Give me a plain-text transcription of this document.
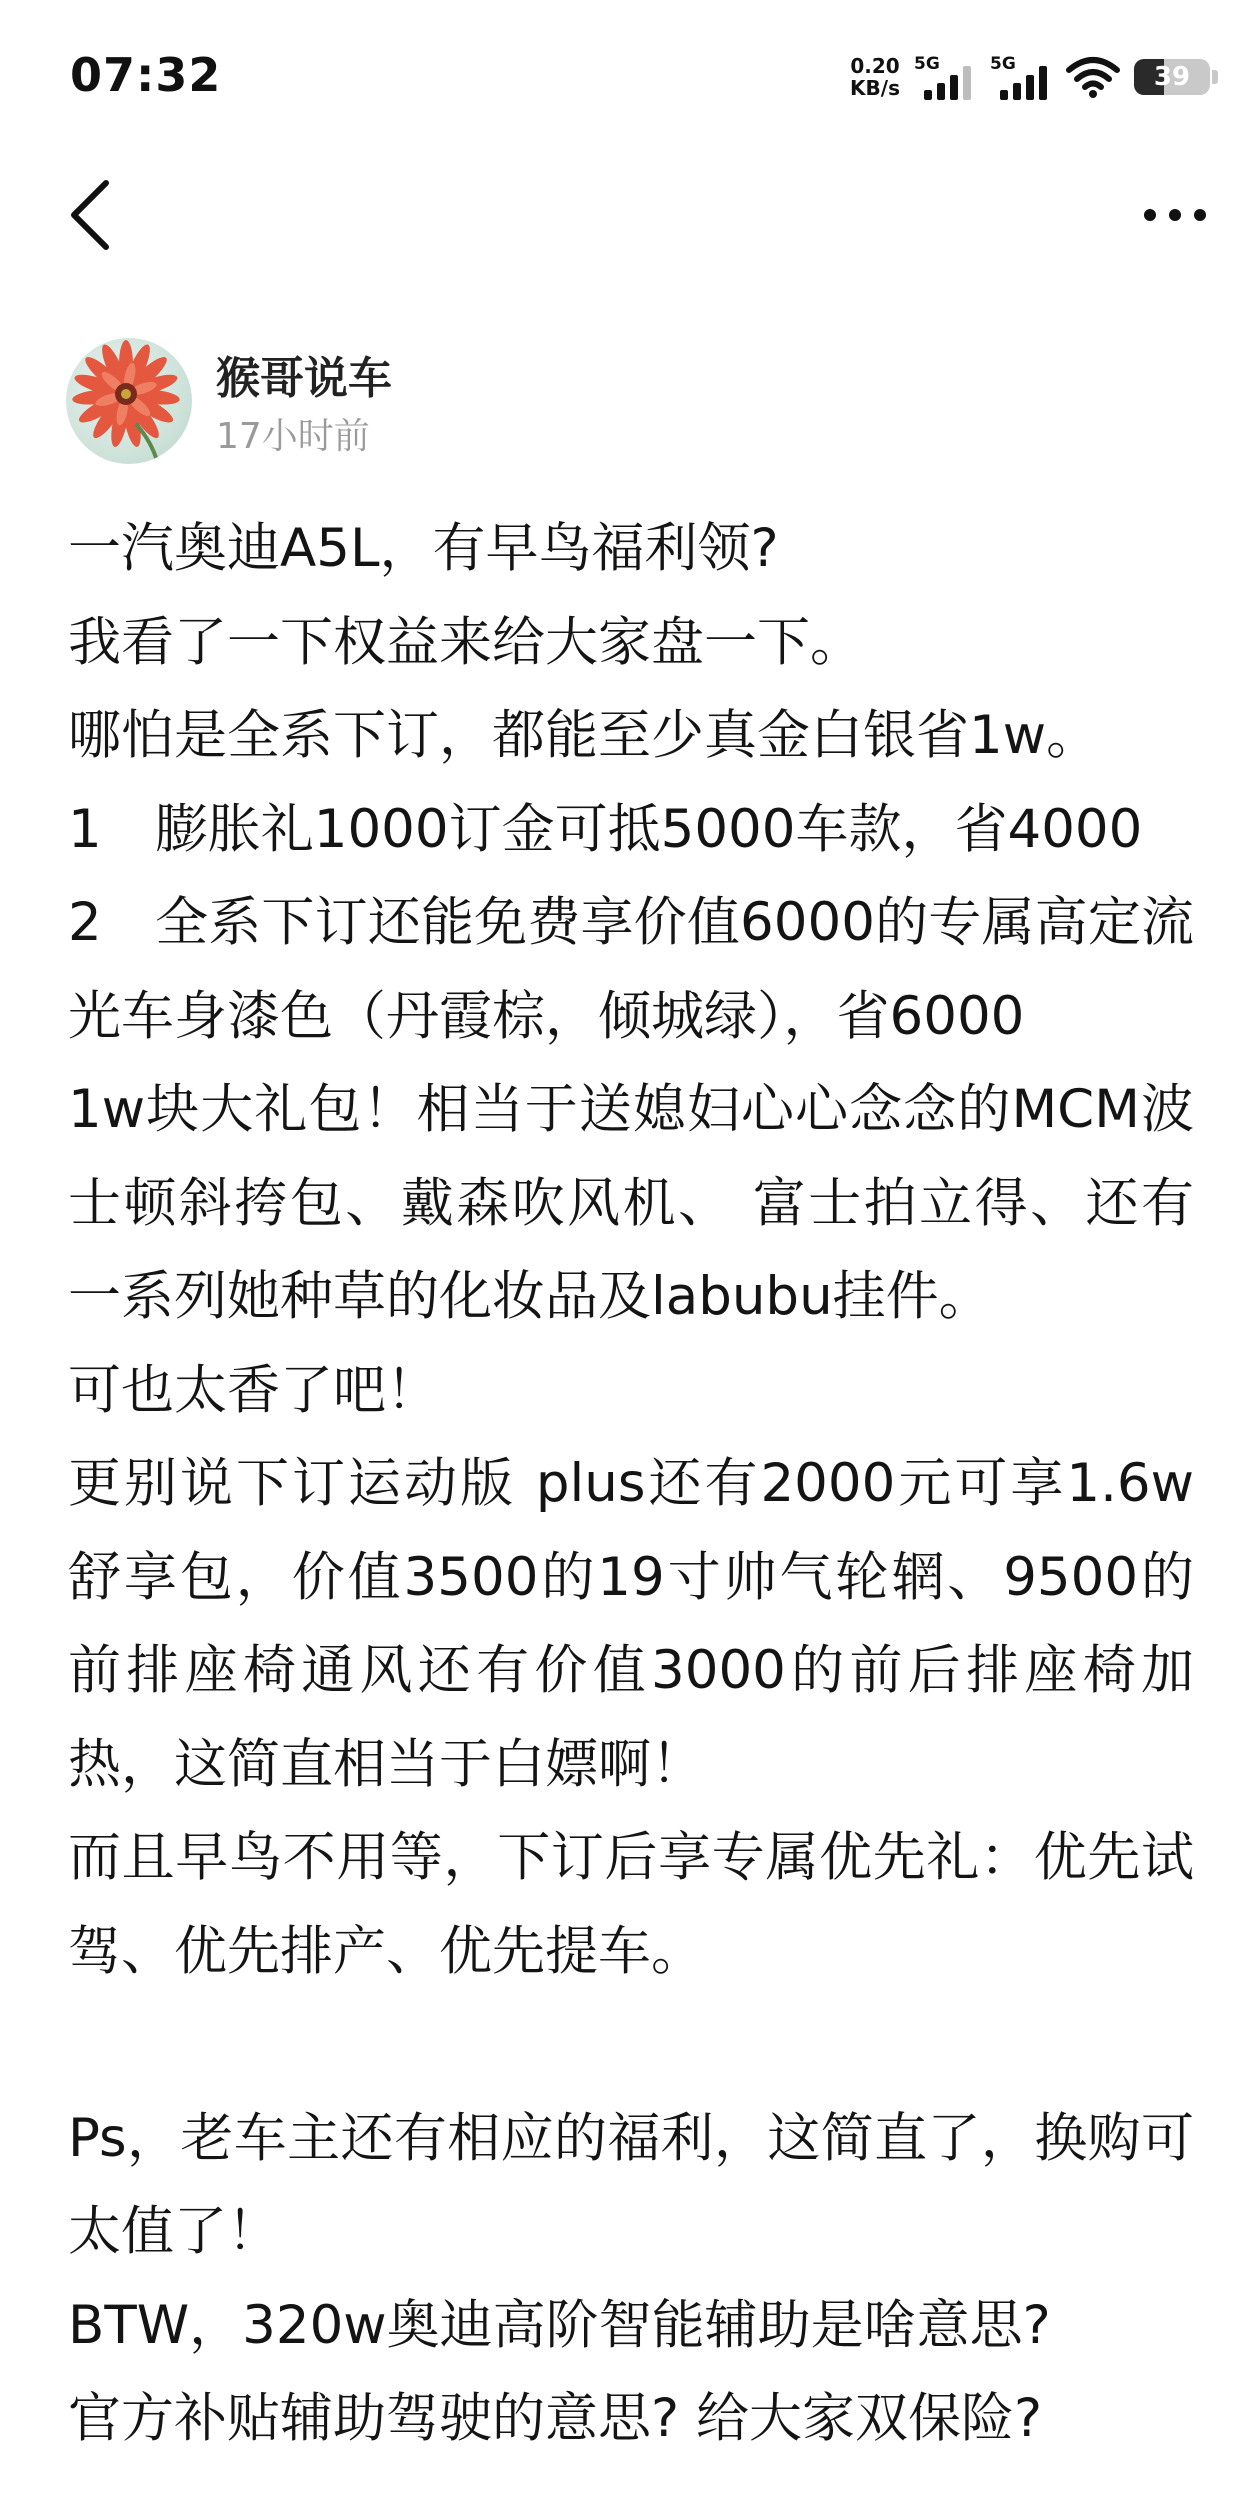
07:32	0.20
KB/s
5G	5G	39
猴哥说车
17小时前

一汽奥迪A5L，有早鸟福利领?

我看了一下权益来给大家盘一下。

哪怕是全系下订，都能至少真金白银省1w。

1　膨胀礼1000订金可抵5000车款，省4000

2　全系下订还能免费享价值6000的专属高定流光车身漆色（丹霞棕，倾城绿），省6000

1w块大礼包！相当于送媳妇心心念念的MCM波士顿斜挎包、戴森吹风机、 富士拍立得、还有一系列她种草的化妆品及labubu挂件。

可也太香了吧！

更别说下订运动版 plus还有2000元可享1.6w舒享包，价值3500的19寸帅气轮辋、9500的前排座椅通风还有价值3000的前后排座椅加热，这简直相当于白嫖啊！

而且早鸟不用等，下订后享专属优先礼：优先试驾、优先排产、优先提车。

Ps，老车主还有相应的福利，这简直了，换购可太值了！

BTW，320w奥迪高阶智能辅助是啥意思?

官方补贴辅助驾驶的意思? 给大家双保险?
